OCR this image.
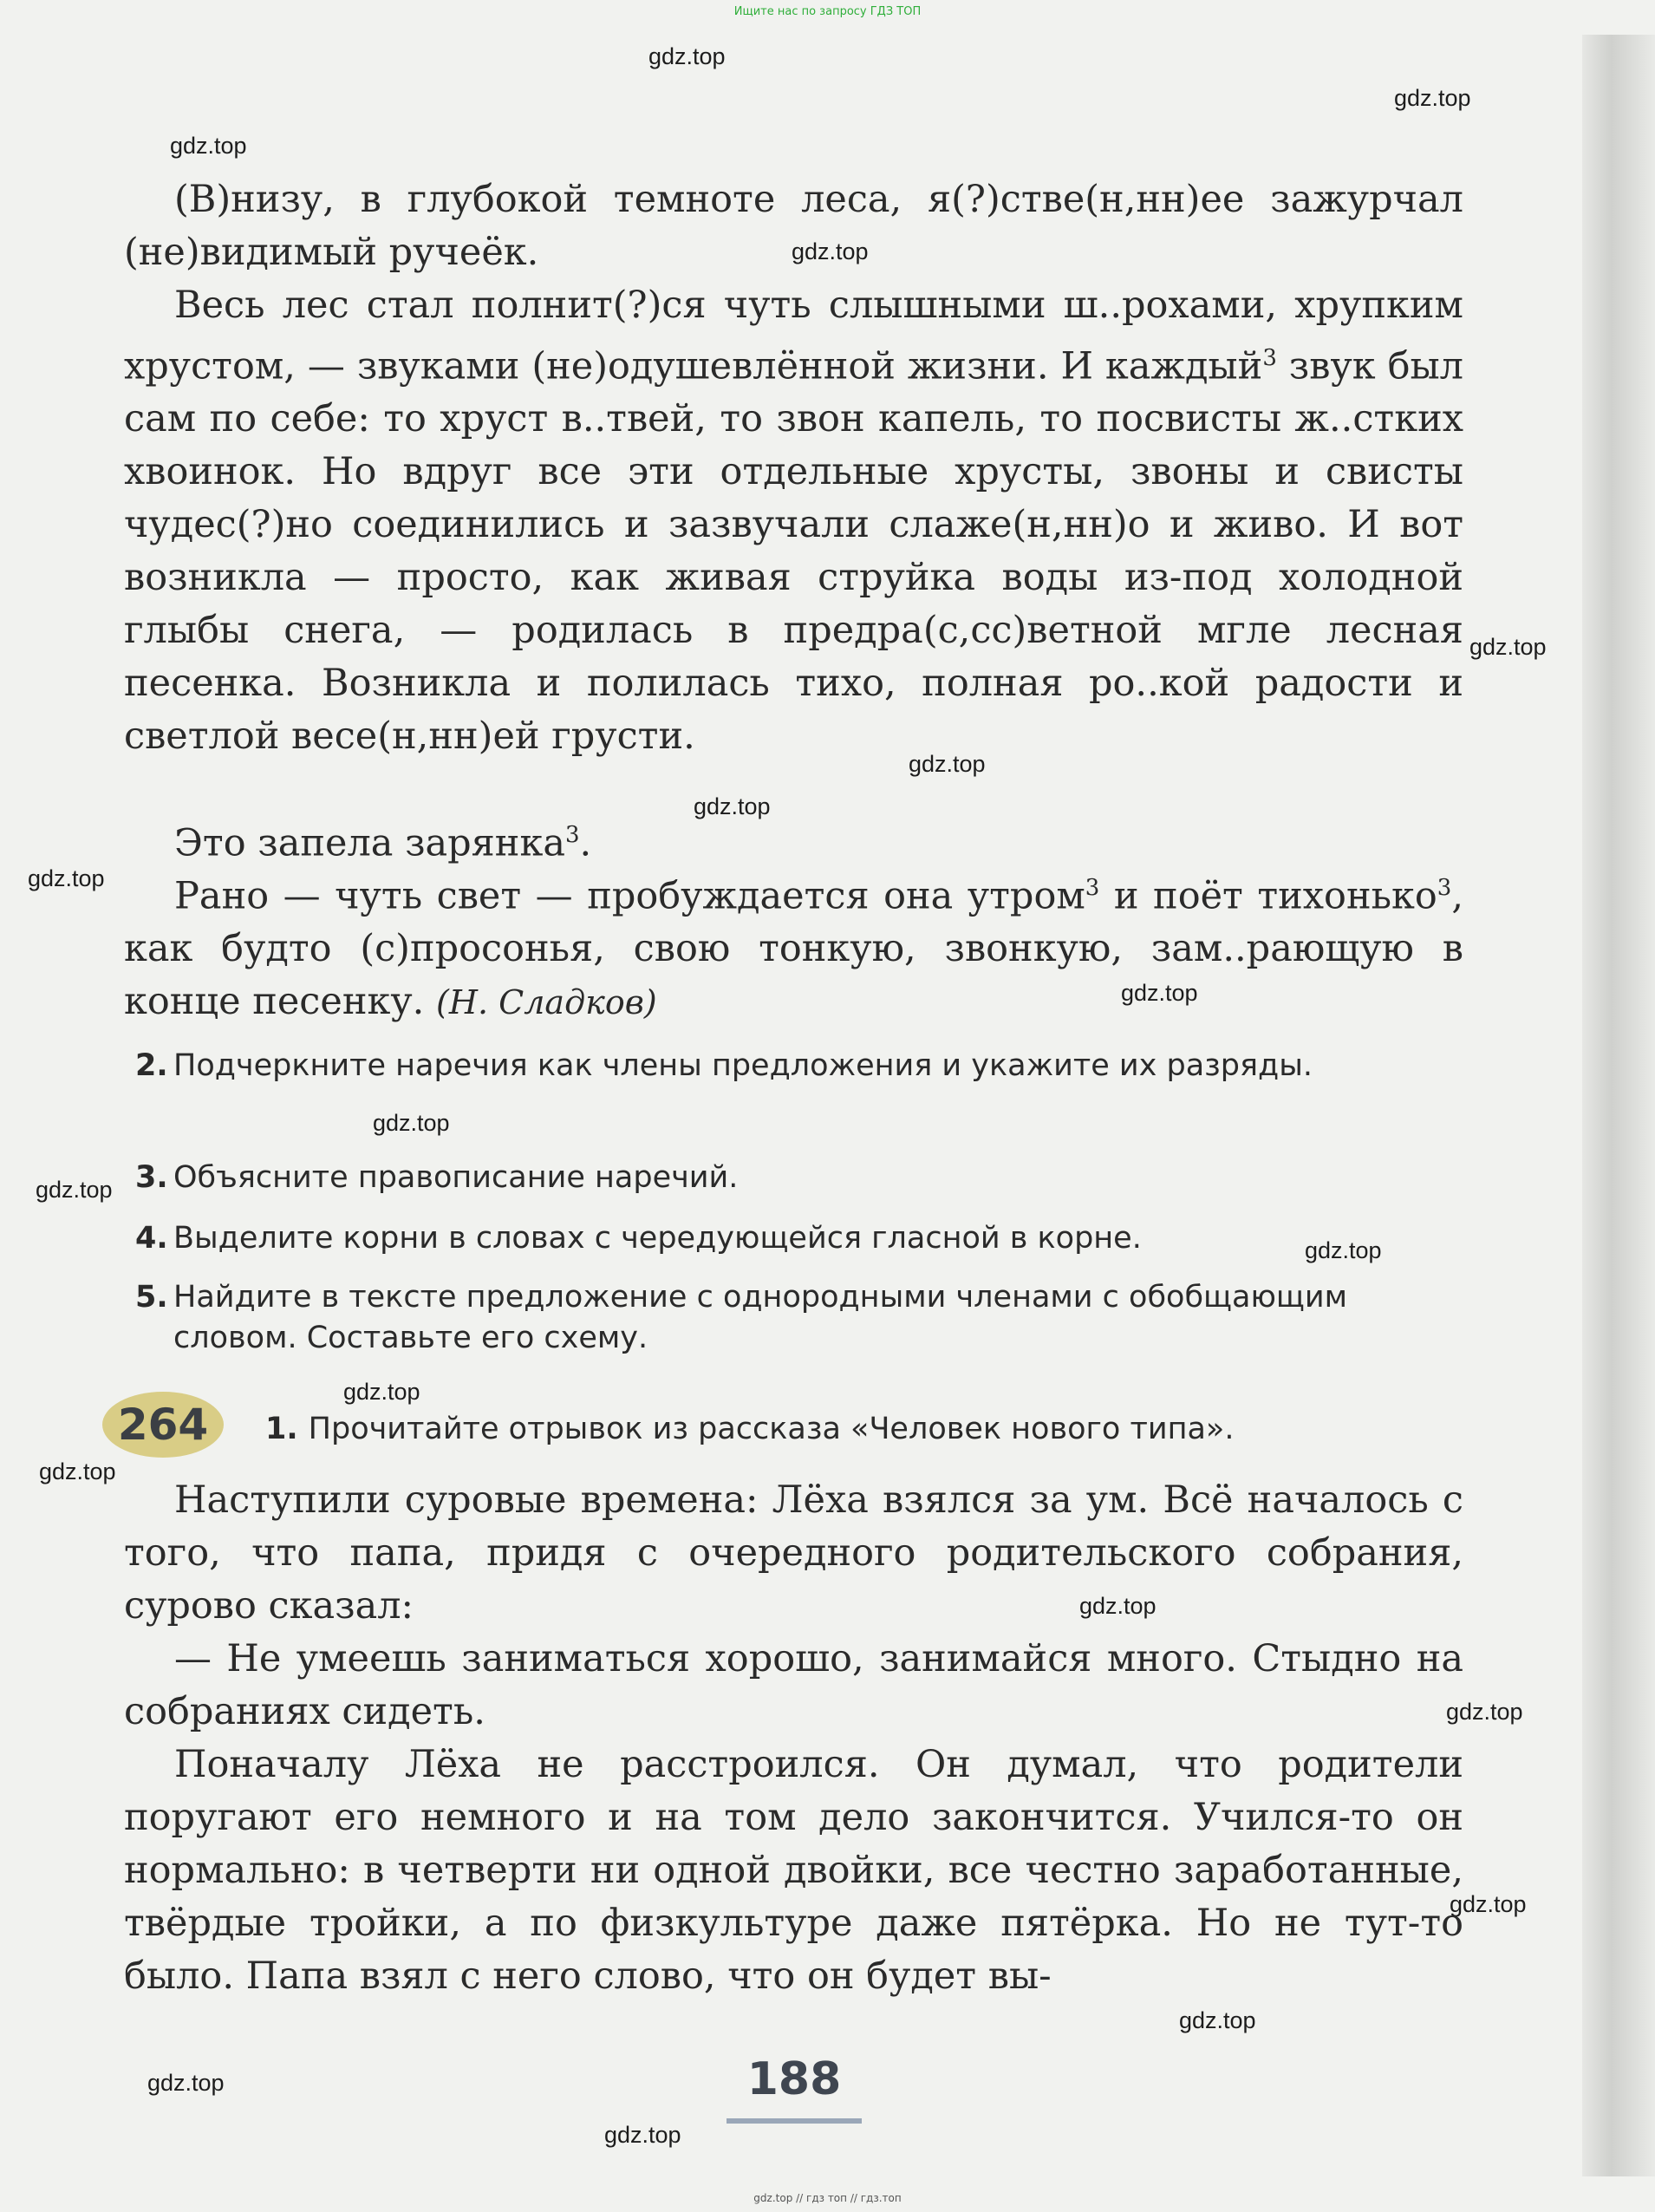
Ищите нас по запросу ГДЗ ТОП
gdz.top
gdz.top
gdz.top
gdz.top
gdz.top
gdz.top
gdz.top
gdz.top
gdz.top
gdz.top
gdz.top
gdz.top
gdz.top
gdz.top
gdz.top
gdz.top
gdz.top
gdz.top
gdz.top
gdz.top

(В)низу, в глубокой темноте леса, я(?)стве(н,нн)ее зажурчал (не)видимый ручеёк.

Весь лес стал полнит(?)ся чуть слышными ш..рохами, хрупким хрустом, — звуками (не)одушевлённой жизни. И каждый$^3$ звук был сам по себе: то хруст в..твей, то звон капель, то посвисты ж..стких хвоинок. Но вдруг все эти отдельные хрусты, звоны и свисты чудес(?)но соединились и зазвучали слаже(н,нн)о и живо. И вот возникла — просто, как живая струйка воды из-под холодной глыбы снега, — родилась в предра(с,сс)ветной мгле лесная песенка. Возникла и полилась тихо, полная ро..кой радости и светлой весе(н,нн)ей грусти.

Это запела зарянка$^3$.

Рано — чуть свет — пробуждается она утром$^3$ и поёт тихонько$^3$, как будто (с)просонья, свою тонкую, звонкую, зам..рающую в конце песенку. (Н. Сладков)

2. Подчеркните наречия как члены предложения и укажите их разряды.

3. Объясните правописание наречий.

4. Выделите корни в словах с чередующейся гласной в корне.

5. Найдите в тексте предложение с однородными членами с обобщающим словом. Составьте его схему.

264	1. Прочитайте отрывок из рассказа «Человек нового типа».

Наступили суровые времена: Лёха взялся за ум. Всё началось с того, что папа, придя с очередного родительского собрания, сурово сказал:

— Не умеешь заниматься хорошо, занимайся много. Стыдно на собраниях сидеть.

Поначалу Лёха не расстроился. Он думал, что родители поругают его немного и на том дело закончится. Учился-то он нормально: в четверти ни одной двойки, все честно заработанные, твёрдые тройки, а по физкультуре даже пятёрка. Но не тут-то было. Папа взял с него слово, что он будет вы-

188
gdz.top // гдз топ // гдз.топ
